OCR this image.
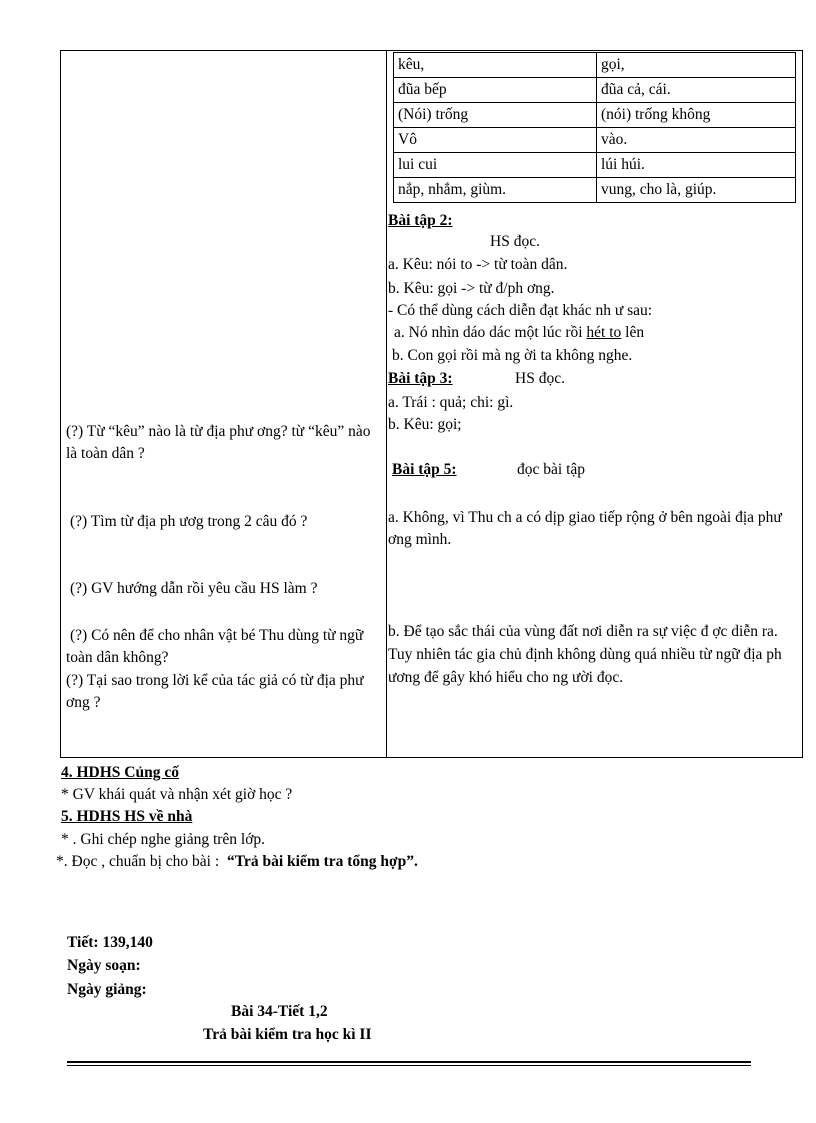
kêu,	gọi,
đũa bếp	đũa cả, cái.
(Nói) trống	(nói) trống không
Vô	vào.
lui cui	lúi húi.
nắp, nhắm, giùm.	vung, cho là, giúp.
(?) Từ “kêu” nào là từ địa phư ơng? từ “kêu” nào là toàn dân ?
(?) Tìm từ địa ph ươg trong 2 câu đó ?
(?) GV hướng dẫn rồi yêu cầu HS làm ?
(?) Có nên để cho nhân vật bé Thu dùng từ ngữ toàn dân không?
(?) Tại sao trong lời kể của tác giả có từ địa phư ơng ?
Bài tập 2:
HS đọc.
a. Kêu: nói to -> từ toàn dân.
b. Kêu: gọi -> từ đ/ph ơng.
- Có thể dùng cách diễn đạt khác nh ư sau:
a. Nó nhìn dáo dác một lúc rồi hét to lên
b. Con gọi rồi mà ng ời ta không nghe.
Bài tập 3:	HS đọc.
a. Trái : quả; chi: gì.
b. Kêu: gọi;
Bài tập 5:	đọc bài tập
a. Không, vì Thu ch a có dịp giao tiếp rộng ở bên ngoài địa phư ơng mình.
b. Để tạo sắc thái của vùng đất nơi diễn ra sự việc đ ợc diễn ra. Tuy nhiên tác gia chủ định không dùng quá nhiều từ ngữ địa ph ương để gây khó hiểu cho ng ười đọc.
4. HDHS Củng cố
* GV khái quát và nhận xét giờ học ?
5. HDHS HS về nhà
* . Ghi chép nghe giảng trên lớp.
*. Đọc , chuẩn bị cho bài : “Trả bài kiểm tra tổng hợp”.
Tiết: 139,140
Ngày soạn:
Ngày giảng:
Bài 34-Tiết 1,2
Trả bài kiểm tra học kì II
